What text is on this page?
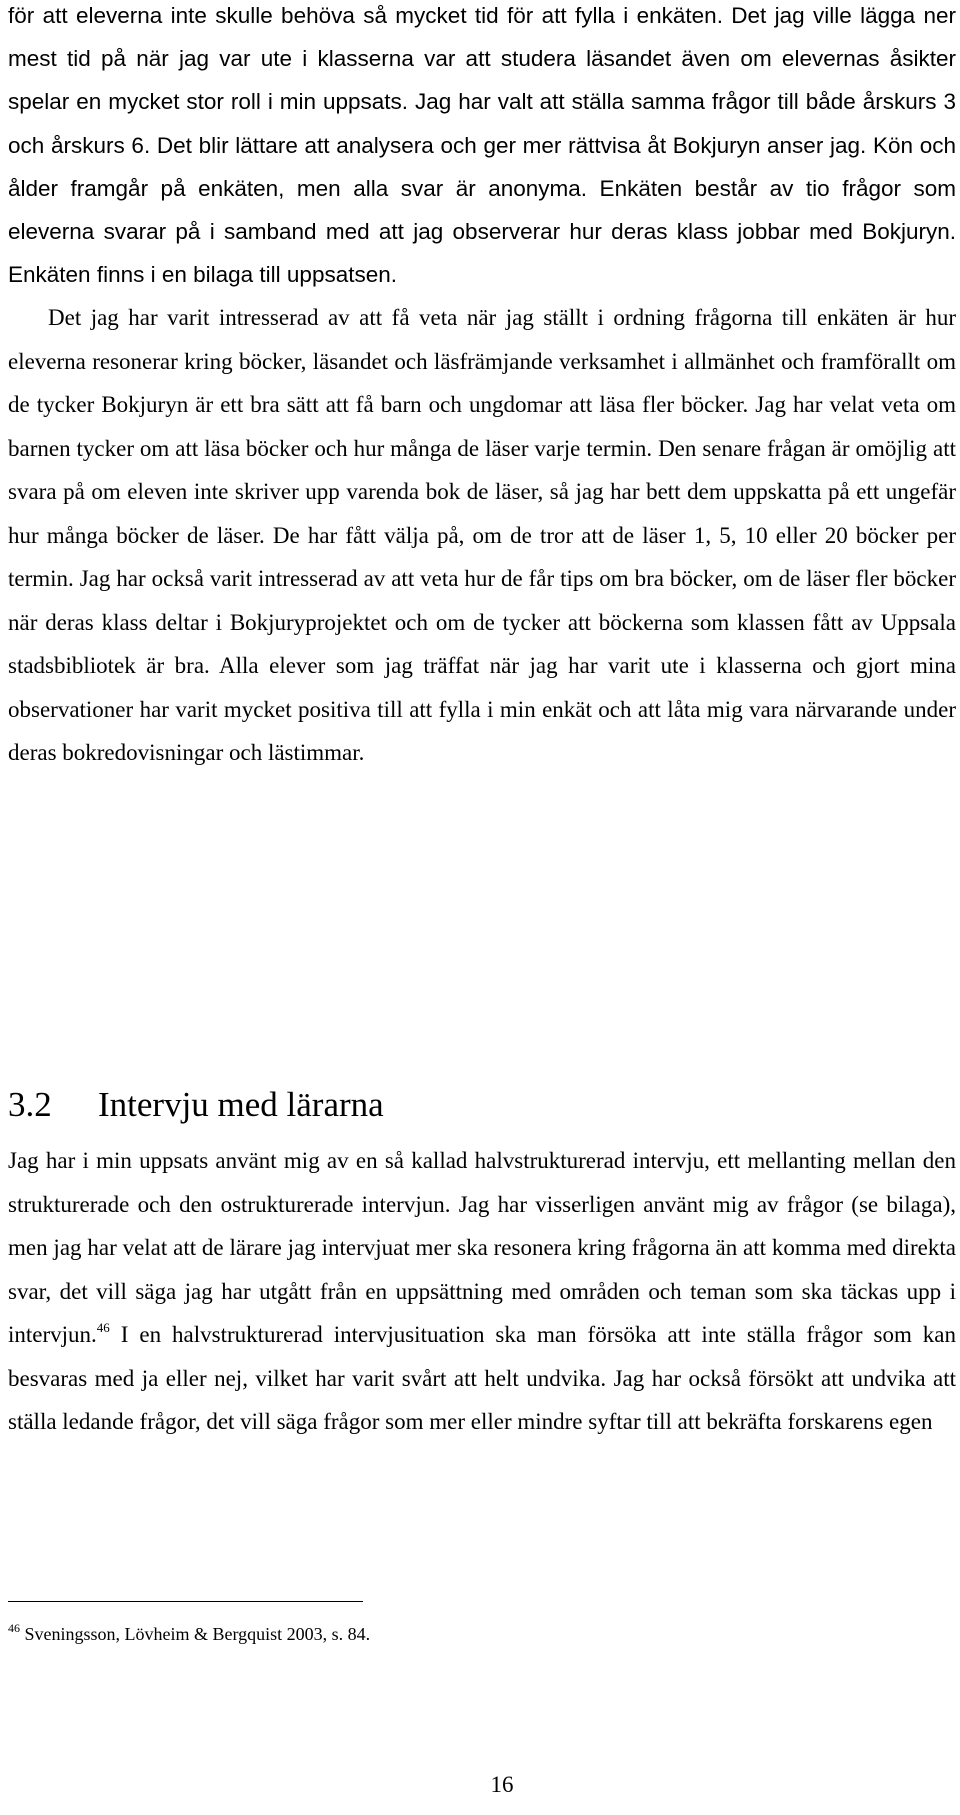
för att eleverna inte skulle behöva så mycket tid för att fylla i enkäten. Det jag ville lägga ner mest tid på när jag var ute i klasserna var att studera läsandet även om elevernas åsikter spelar en mycket stor roll i min uppsats. Jag har valt att ställa samma frågor till både årskurs 3 och årskurs 6. Det blir lättare att analysera och ger mer rättvisa åt Bokjuryn anser jag. Kön och ålder framgår på enkäten, men alla svar är anonyma. Enkäten består av tio frågor som eleverna svarar på i samband med att jag observerar hur deras klass jobbar med Bokjuryn. Enkäten finns i en bilaga till uppsatsen.

Det jag har varit intresserad av att få veta när jag ställt i ordning frågorna till enkäten är hur eleverna resonerar kring böcker, läsandet och läsfrämjande verksamhet i allmänhet och framförallt om de tycker Bokjuryn är ett bra sätt att få barn och ungdomar att läsa fler böcker. Jag har velat veta om barnen tycker om att läsa böcker och hur många de läser varje termin. Den senare frågan är omöjlig att svara på om eleven inte skriver upp varenda bok de läser, så jag har bett dem uppskatta på ett ungefär hur många böcker de läser. De har fått välja på, om de tror att de läser 1, 5, 10 eller 20 böcker per termin. Jag har också varit intresserad av att veta hur de får tips om bra böcker, om de läser fler böcker när deras klass deltar i Bokjuryprojektet och om de tycker att böckerna som klassen fått av Uppsala stadsbibliotek är bra. Alla elever som jag träffat när jag har varit ute i klasserna och gjort mina observationer har varit mycket positiva till att fylla i min enkät och att låta mig vara närvarande under deras bokredovisningar och lästimmar.

3.2 Intervju med lärarna

Jag har i min uppsats använt mig av en så kallad halvstrukturerad intervju, ett mellanting mellan den strukturerade och den ostrukturerade intervjun. Jag har visserligen använt mig av frågor (se bilaga), men jag har velat att de lärare jag intervjuat mer ska resonera kring frågorna än att komma med direkta svar, det vill säga jag har utgått från en uppsättning med områden och teman som ska täckas upp i intervjun.$^{46}$ I en halvstrukturerad intervjusituation ska man försöka att inte ställa frågor som kan besvaras med ja eller nej, vilket har varit svårt att helt undvika. Jag har också försökt att undvika att ställa ledande frågor, det vill säga frågor som mer eller mindre syftar till att bekräfta forskarens egen

$^{46}$ Sveningsson, Lövheim & Bergquist 2003, s. 84.
16
